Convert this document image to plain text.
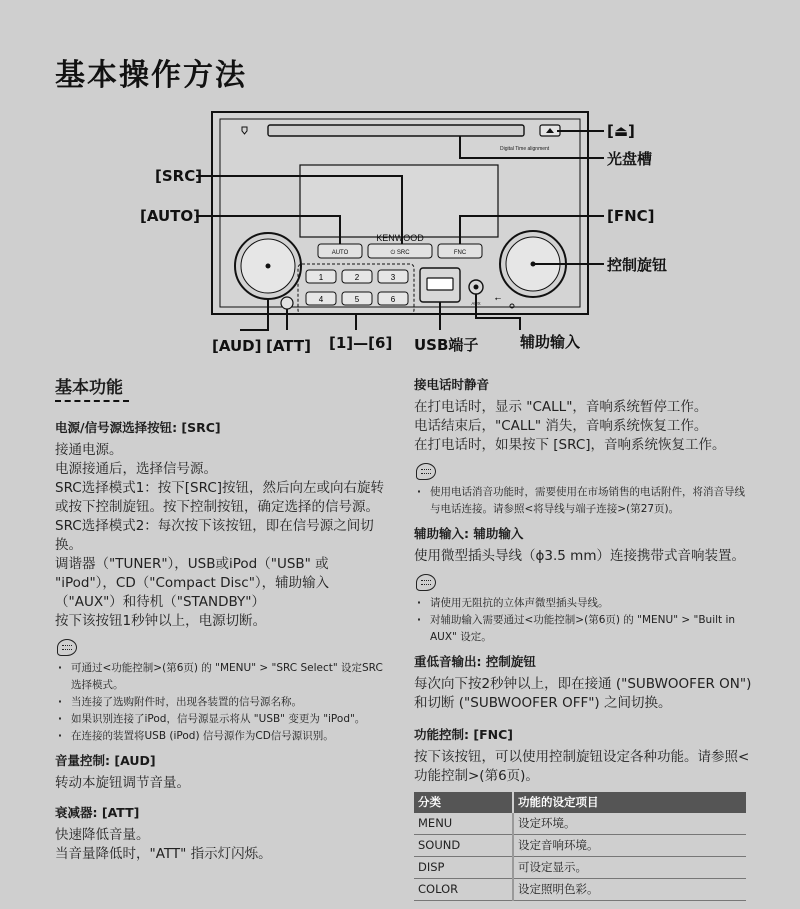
基本操作方法
Digital Time alignment
KENWOOD
AUTO	⏻ SRC	FNC
1	2	3
4	5	6	AUX
⭠
[⏏]
光盘槽
[SRC]
[AUTO]	[FNC]
控制旋钮
[AUD] [ATT] [1]—[6] USB端子	辅助输入
基本功能
电源/信号源选择按钮: [SRC]

接通电源。

电源接通后，选择信号源。

SRC选择模式1：按下[SRC]按钮，然后向左或向右旋转或按下控制旋钮。按下控制按钮，确定选择的信号源。

SRC选择模式2：每次按下该按钮，即在信号源之间切换。

调谐器（"TUNER"），USB或iPod（"USB" 或 "iPod"），CD（"Compact Disc"），辅助输入（"AUX"）和待机（"STANDBY"）

按下该按钮1秒钟以上，电源切断。

· 可通过<功能控制>(第6页) 的 "MENU" > "SRC Select" 设定SRC选择模式。
· 当连接了选购附件时，出现各装置的信号源名称。
· 如果识别连接了iPod，信号源显示将从 "USB" 变更为 "iPod"。
· 在连接的装置将USB (iPod) 信号源作为CD信号源识别。
音量控制: [AUD]

转动本旋钮调节音量。

衰减器: [ATT]

快速降低音量。

当音量降低时，"ATT" 指示灯闪烁。

接电话时静音

在打电话时，显示 "CALL"，音响系统暂停工作。

电话结束后，"CALL" 消失，音响系统恢复工作。

在打电话时，如果按下 [SRC]，音响系统恢复工作。

· 使用电话消音功能时，需要使用在市场销售的电话附件，将消音导线与电话连接。请参照<将导线与端子连接>(第27页)。
辅助输入: 辅助输入

使用微型插头导线（ϕ3.5 mm）连接携带式音响装置。

· 请使用无阻抗的立体声微型插头导线。
· 对辅助输入需要通过<功能控制>(第6页) 的 "MENU" > "Built in AUX" 设定。
重低音输出: 控制旋钮

每次向下按2秒钟以上，即在接通 ("SUBWOOFER ON") 和切断 ("SUBWOOFER OFF") 之间切换。

功能控制: [FNC]

按下该按钮，可以使用控制旋钮设定各种功能。请参照<功能控制>(第6页)。

分类	功能的设定项目
MENU	设定环境。
SOUND	设定音响环境。
DISP	可设定显示。
COLOR	设定照明色彩。
